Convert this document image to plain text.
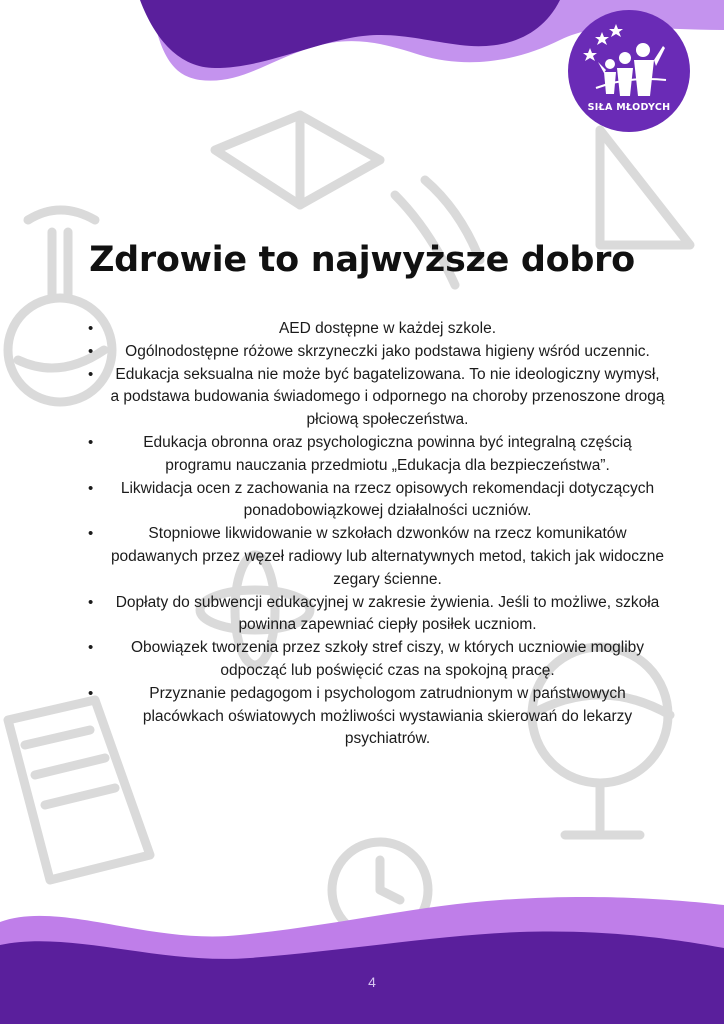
SIŁA MŁODYCH
Zdrowie to najwyższe dobro
• AED dostępne w każdej szkole.
• Ogólnodostępne różowe skrzyneczki jako podstawa higieny wśród uczennic.
• Edukacja seksualna nie może być bagatelizowana. To nie ideologiczny wymysł, a podstawa budowania świadomego i odpornego na choroby przenoszone drogą płciową społeczeństwa.
• Edukacja obronna oraz psychologiczna powinna być integralną częścią programu nauczania przedmiotu „Edukacja dla bezpieczeństwa”.
• Likwidacja ocen z zachowania na rzecz opisowych rekomendacji dotyczących ponadobowiązkowej działalności uczniów.
• Stopniowe likwidowanie w szkołach dzwonków na rzecz komunikatów podawanych przez węzeł radiowy lub alternatywnych metod, takich jak widoczne zegary ścienne.
• Dopłaty do subwencji edukacyjnej w zakresie żywienia. Jeśli to możliwe, szkoła powinna zapewniać ciepły posiłek uczniom.
• Obowiązek tworzenia przez szkoły stref ciszy, w których uczniowie mogliby odpocząć lub poświęcić czas na spokojną pracę.
• Przyznanie pedagogom i psychologom zatrudnionym w państwowych placówkach oświatowych możliwości wystawiania skierowań do lekarzy psychiatrów.
4
